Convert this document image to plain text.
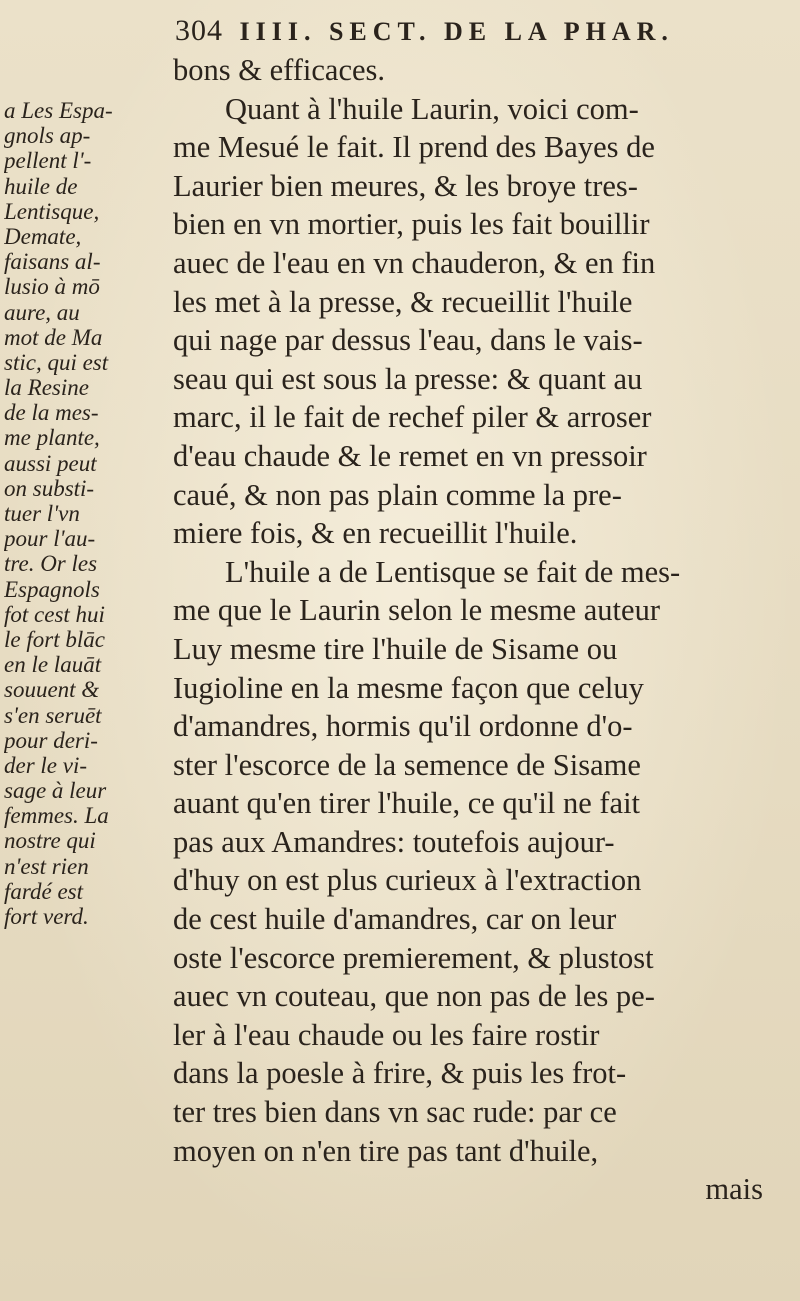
304 IIII. SECT. DE LA PHAR.
bons & efficaces.
Quant à l'huile Laurin, voici com-
me Mesué le fait. Il prend des Bayes de
Laurier bien meures, & les broye tres-
bien en vn mortier, puis les fait bouillir
auec de l'eau en vn chauderon, & en fin
les met à la presse, & recueillit l'huile
qui nage par dessus l'eau, dans le vais-
seau qui est sous la presse: & quant au
marc, il le fait de rechef piler & arroser
d'eau chaude & le remet en vn pressoir
caué, & non pas plain comme la pre-
miere fois, & en recueillit l'huile.
L'huile a de Lentisque se fait de mes-
me que le Laurin selon le mesme auteur
Luy mesme tire l'huile de Sisame ou
Iugioline en la mesme façon que celuy
d'amandres, hormis qu'il ordonne d'o-
ster l'escorce de la semence de Sisame
auant qu'en tirer l'huile, ce qu'il ne fait
pas aux Amandres: toutefois aujour-
d'huy on est plus curieux à l'extraction
de cest huile d'amandres, car on leur
oste l'escorce premierement, & plustost
auec vn couteau, que non pas de les pe-
ler à l'eau chaude ou les faire rostir
dans la poesle à frire, & puis les frot-
ter tres bien dans vn sac rude: par ce
moyen on n'en tire pas tant d'huile,
mais
a Les Espa-
gnols ap-
pellent l'-
huile de
Lentisque,
Demate,
faisans al-
lusio à mō
aure, au
mot de Ma
stic, qui est
la Resine
de la mes-
me plante,
aussi peut
on substi-
tuer l'vn
pour l'au-
tre. Or les
Espagnols
fot cest hui
le fort blāc
en le lauāt
souuent &
s'en seruēt
pour deri-
der le vi-
sage à leur
femmes. La
nostre qui
n'est rien
fardé est
fort verd.
